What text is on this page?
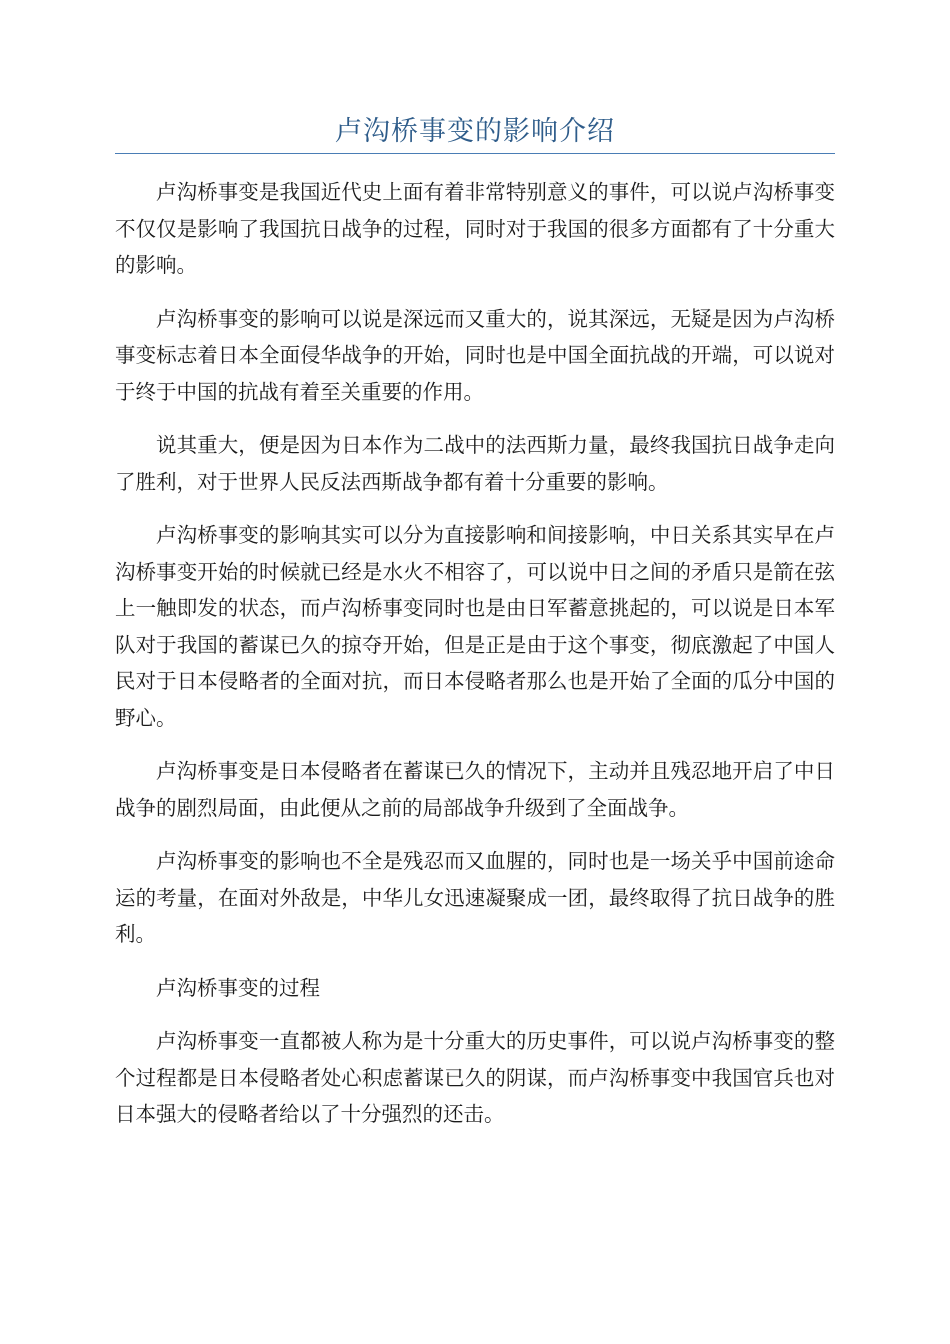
卢沟桥事变的影响介绍

卢沟桥事变是我国近代史上面有着非常特别意义的事件，可以说卢沟桥事变不仅仅是影响了我国抗日战争的过程，同时对于我国的很多方面都有了十分重大的影响。

卢沟桥事变的影响可以说是深远而又重大的，说其深远，无疑是因为卢沟桥事变标志着日本全面侵华战争的开始，同时也是中国全面抗战的开端，可以说对于终于中国的抗战有着至关重要的作用。

说其重大，便是因为日本作为二战中的法西斯力量，最终我国抗日战争走向了胜利，对于世界人民反法西斯战争都有着十分重要的影响。

卢沟桥事变的影响其实可以分为直接影响和间接影响，中日关系其实早在卢沟桥事变开始的时候就已经是水火不相容了，可以说中日之间的矛盾只是箭在弦上一触即发的状态，而卢沟桥事变同时也是由日军蓄意挑起的，可以说是日本军队对于我国的蓄谋已久的掠夺开始，但是正是由于这个事变，彻底激起了中国人民对于日本侵略者的全面对抗，而日本侵略者那么也是开始了全面的瓜分中国的野心。

卢沟桥事变是日本侵略者在蓄谋已久的情况下，主动并且残忍地开启了中日战争的剧烈局面，由此便从之前的局部战争升级到了全面战争。

卢沟桥事变的影响也不全是残忍而又血腥的，同时也是一场关乎中国前途命运的考量，在面对外敌是，中华儿女迅速凝聚成一团，最终取得了抗日战争的胜利。

卢沟桥事变的过程

卢沟桥事变一直都被人称为是十分重大的历史事件，可以说卢沟桥事变的整个过程都是日本侵略者处心积虑蓄谋已久的阴谋，而卢沟桥事变中我国官兵也对日本强大的侵略者给以了十分强烈的还击。
